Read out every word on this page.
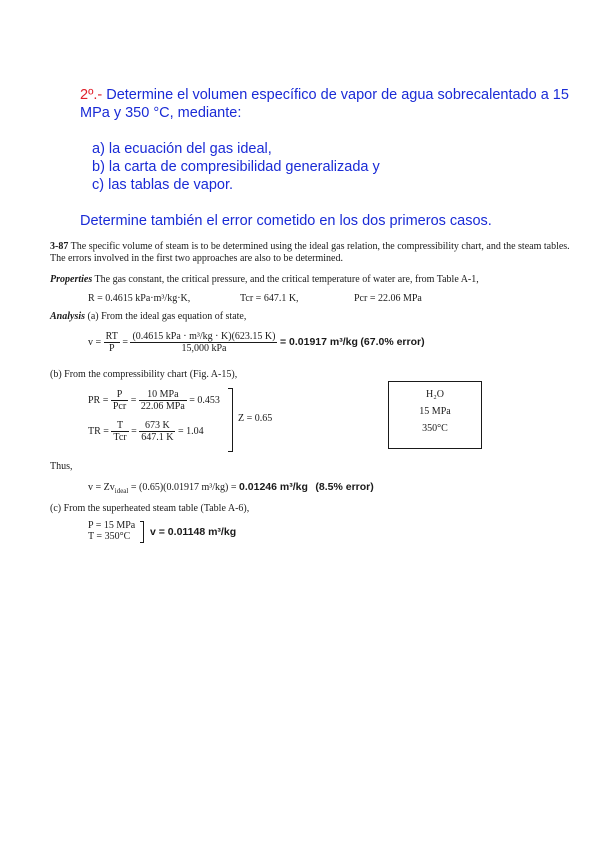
2º.- Determine el volumen específico de vapor de agua sobrecalentado a 15 MPa y 350 °C, mediante:
a) la ecuación del gas ideal,
b) la carta de compresibilidad generalizada y
c) las tablas de vapor.
Determine también el error cometido en los dos primeros casos.
3-87 The specific volume of steam is to be determined using the ideal gas relation, the compressibility chart, and the steam tables. The errors involved in the first two approaches are also to be determined.
Properties The gas constant, the critical pressure, and the critical temperature of water are, from Table A-1,
R = 0.4615 kPa·m³/kg·K,	Tcr = 647.1 K,	Pcr = 22.06 MPa
Analysis (a) From the ideal gas equation of state,
$v = \frac{RT}{P} = \frac{\text{(0.4615 kPa · m³/kg · K)(623.15 K)}}{\text{15,000 kPa}} = 0.01917$ m³/kg (67.0% error)
(b) From the compressibility chart (Fig. A-15),
PR = $\frac{P}{\text{Pcr}} = \frac{\text{10 MPa}}{\text{22.06 MPa}} = 0.453$
TR = $\frac{T}{\text{Tcr}} = \frac{673 K}{647.1 K} = 1.04$
Z = 0.65
H₂O
15 MPa
350°C
Thus,
$v = Zv_{ideal} = (0.65)(0.01917$ m³/kg) = 0.01246 m³/kg (8.5% error)
(c) From the superheated steam table (Table A-6),
P = 15 MPa
T = 350°C	v = 0.01148 m³/kg
